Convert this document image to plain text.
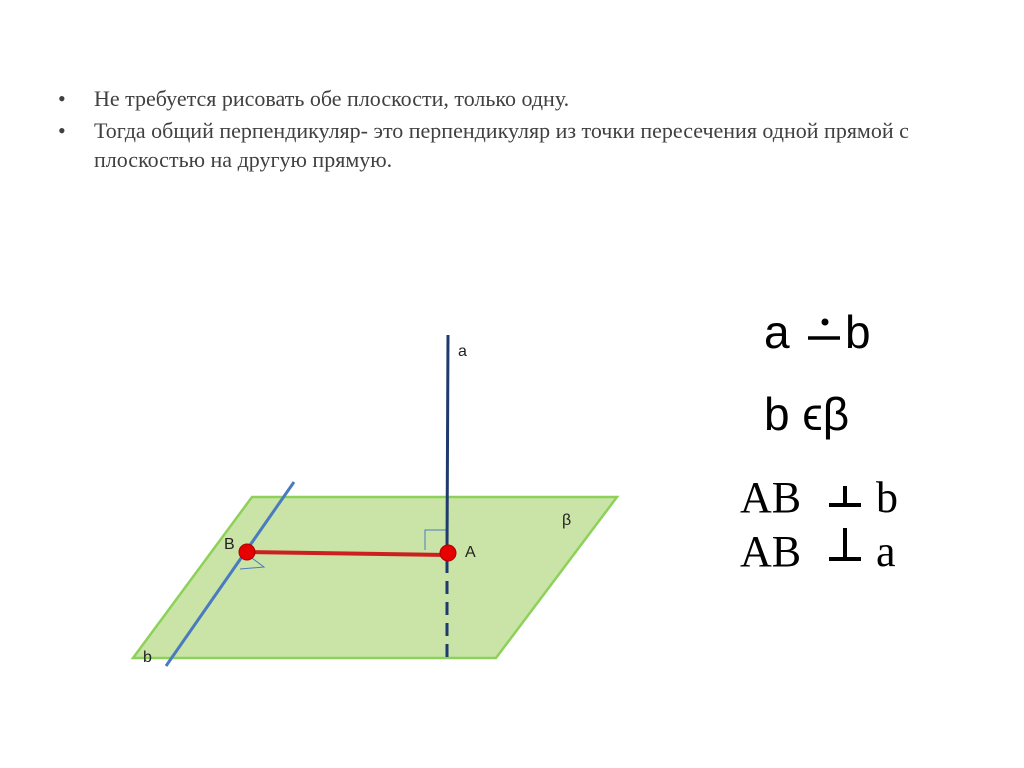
• Не требуется рисовать обе плоскости, только одну.
• Тогда общий перпендикуляр- это перпендикуляр из точки пересечения одной прямой с плоскостью на другую прямую.
a
b
B	A
β
a b
b ϵβ
AB b
AB a
